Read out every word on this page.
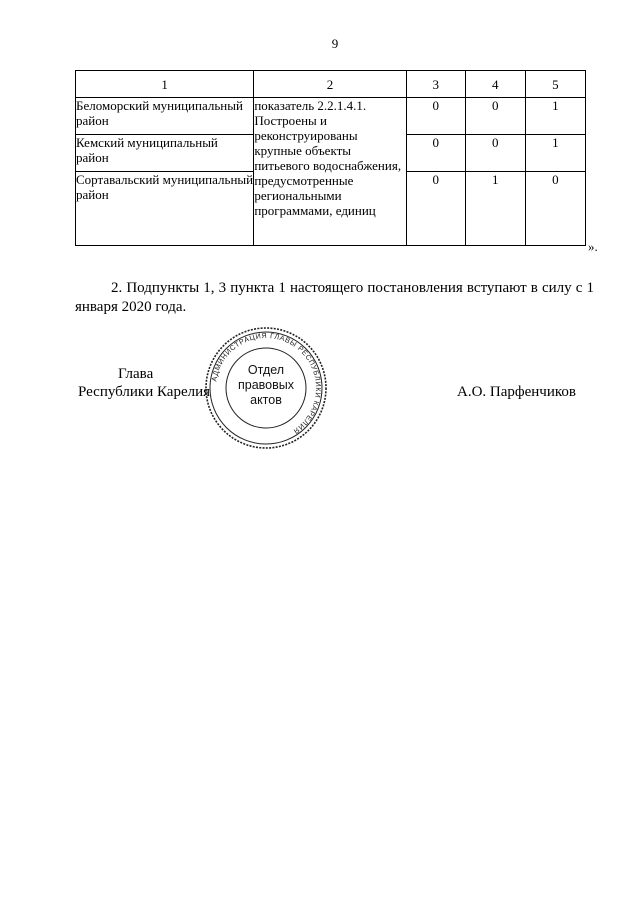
9
1	2	3	4	5
Беломорский муниципальный район	показатель 2.2.1.4.1. Построены и реконструированы крупные объекты питьевого водоснабжения, предусмотренные региональными программами, единиц	0	0	1
Кемский муниципальный район		0	0	1
Сортавальский муниципальный район		0	1	0
».
2. Подпункты 1, 3 пункта 1 настоящего постановления вступают в силу с 1 января 2020 года.
Глава
Республики Карелия	А.О. Парфенчиков
АДМИНИСТРАЦИЯ ГЛАВЫ РЕСПУБЛИКИ КАРЕЛИЯ
Отдел
правовых
актов
